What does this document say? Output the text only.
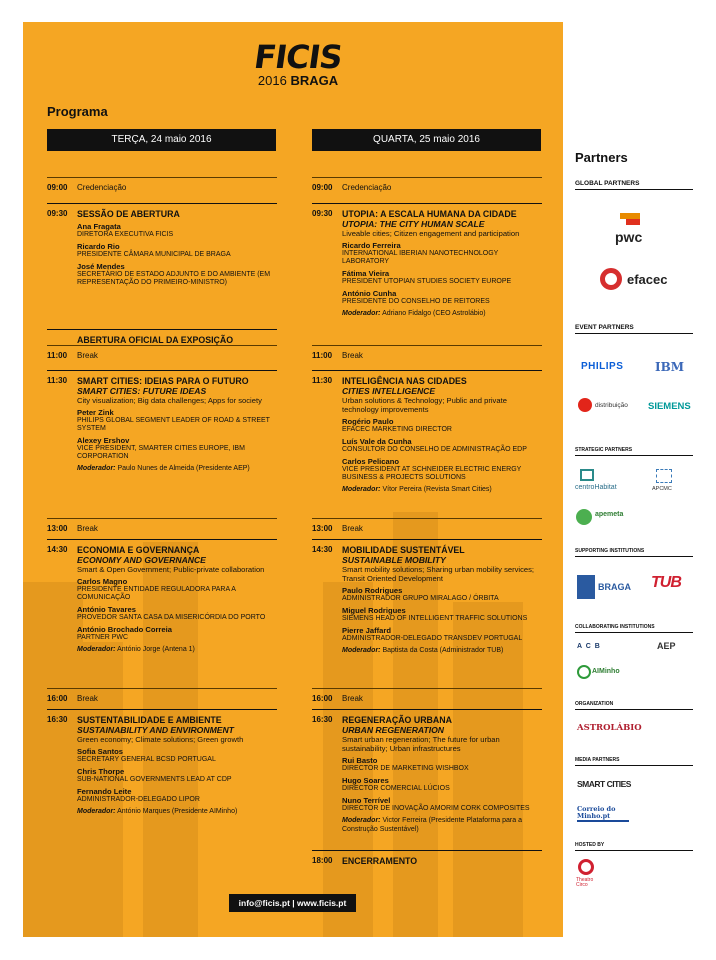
FICIS
2016 BRAGA
Programa
TERÇA, 24 maio 2016	QUARTA, 25 maio 2016
09:00 Credenciação
09:30 SESSÃO DE ABERTURA
Ana Fragata
DIRETORA EXECUTIVA FICIS
Ricardo Rio
PRESIDENTE CÂMARA MUNICIPAL DE BRAGA
José Mendes
SECRETÁRIO DE ESTADO ADJUNTO E DO AMBIENTE (EM REPRESENTAÇÃO DO PRIMEIRO-MINISTRO)
ABERTURA OFICIAL DA EXPOSIÇÃO
11:00 Break
11:30 SMART CITIES: IDEIAS PARA O FUTURO
SMART CITIES: FUTURE IDEAS
City visualization; Big data challenges; Apps for society
Peter Zink
PHILIPS GLOBAL SEGMENT LEADER OF ROAD & STREET SYSTEM
Alexey Ershov
VICE PRESIDENT, SMARTER CITIES EUROPE, IBM CORPORATION
Moderador: Paulo Nunes de Almeida (Presidente AEP)
13:00 Break
14:30 ECONOMIA E GOVERNANÇA
ECONOMY AND GOVERNANCE
Smart & Open Government; Public-private collaboration
Carlos Magno
PRESIDENTE ENTIDADE REGULADORA PARA A COMUNICAÇÃO
António Tavares
PROVEDOR SANTA CASA DA MISERICÓRDIA DO PORTO
António Brochado Correia
PARTNER PWC
Moderador: António Jorge (Antena 1)
16:00 Break
16:30 SUSTENTABILIDADE E AMBIENTE
SUSTAINABILITY AND ENVIRONMENT
Green economy; Climate solutions; Green growth
Sofia Santos
SECRETARY GENERAL BCSD PORTUGAL
Chris Thorpe
SUB-NATIONAL GOVERNMENTS LEAD AT CDP
Fernando Leite
ADMINISTRADOR-DELEGADO LIPOR
Moderador: António Marques (Presidente AIMinho)
09:00 Credenciação
09:30 UTOPIA: A ESCALA HUMANA DA CIDADE
UTOPIA: THE CITY HUMAN SCALE
Liveable cities; Citizen engagement and participation
Ricardo Ferreira
INTERNATIONAL IBERIAN NANOTECHNOLOGY LABORATORY
Fátima Vieira
PRESIDENT UTOPIAN STUDIES SOCIETY EUROPE
António Cunha
PRESIDENTE DO CONSELHO DE REITORES
Moderador: Adriano Fidalgo (CEO Astrolábio)
11:00 Break
11:30 INTELIGÊNCIA NAS CIDADES
CITIES INTELLIGENCE
Urban solutions & Technology; Public and private technology improvements
Rogério Paulo
EFACEC MARKETING DIRECTOR
Luís Vale da Cunha
CONSULTOR DO CONSELHO DE ADMINISTRAÇÃO EDP
Carlos Pelicano
VICE PRESIDENT AT SCHNEIDER ELECTRIC ENERGY BUSINESS & PROJECTS SOLUTIONS
Moderador: Vítor Pereira (Revista Smart Cities)
13:00 Break
14:30 MOBILIDADE SUSTENTÁVEL
SUSTAINABLE MOBILITY
Smart mobility solutions; Sharing urban mobility services; Transit Oriented Development
Paulo Rodrigues
ADMINISTRADOR GRUPO MIRALAGO / ÓRBITA
Miguel Rodrigues
SIEMENS HEAD OF INTELLIGENT TRAFFIC SOLUTIONS
Pierre Jaffard
ADMINISTRADOR-DELEGADO TRANSDEV PORTUGAL
Moderador: Baptista da Costa (Administrador TUB)
16:00 Break
16:30 REGENERAÇÃO URBANA
URBAN REGENERATION
Smart urban regeneration; The future for urban sustainability; Urban infrastructures
Rui Basto
DIRECTOR DE MARKETING WISHBOX
Hugo Soares
DIRECTOR COMERCIAL LÚCIOS
Nuno Terrível
DIRECTOR DE INOVAÇÃO AMORIM CORK COMPOSITES
Moderador: Victor Ferreira (Presidente Plataforma para a Construção Sustentável)
18:00 ENCERRAMENTO
info@ficis.pt | www.ficis.pt
Partners
GLOBAL PARTNERS
pwc
efacec
EVENT PARTNERS
PHILIPS	IBM
distribuição SIEMENS
STRATEGIC PARTNERS
centroHabitat	APCMC
apemeta
SUPPORTING INSTITUTIONS
BRAGA TUB
COLLABORATING INSTITUTIONS
A C B	AEP
AIMinho
ORGANIZATION
ASTROLÁBIO
MEDIA PARTNERS
SMART CITIES
Correio do Minho.pt
HOSTED BY
Theatro Circo
